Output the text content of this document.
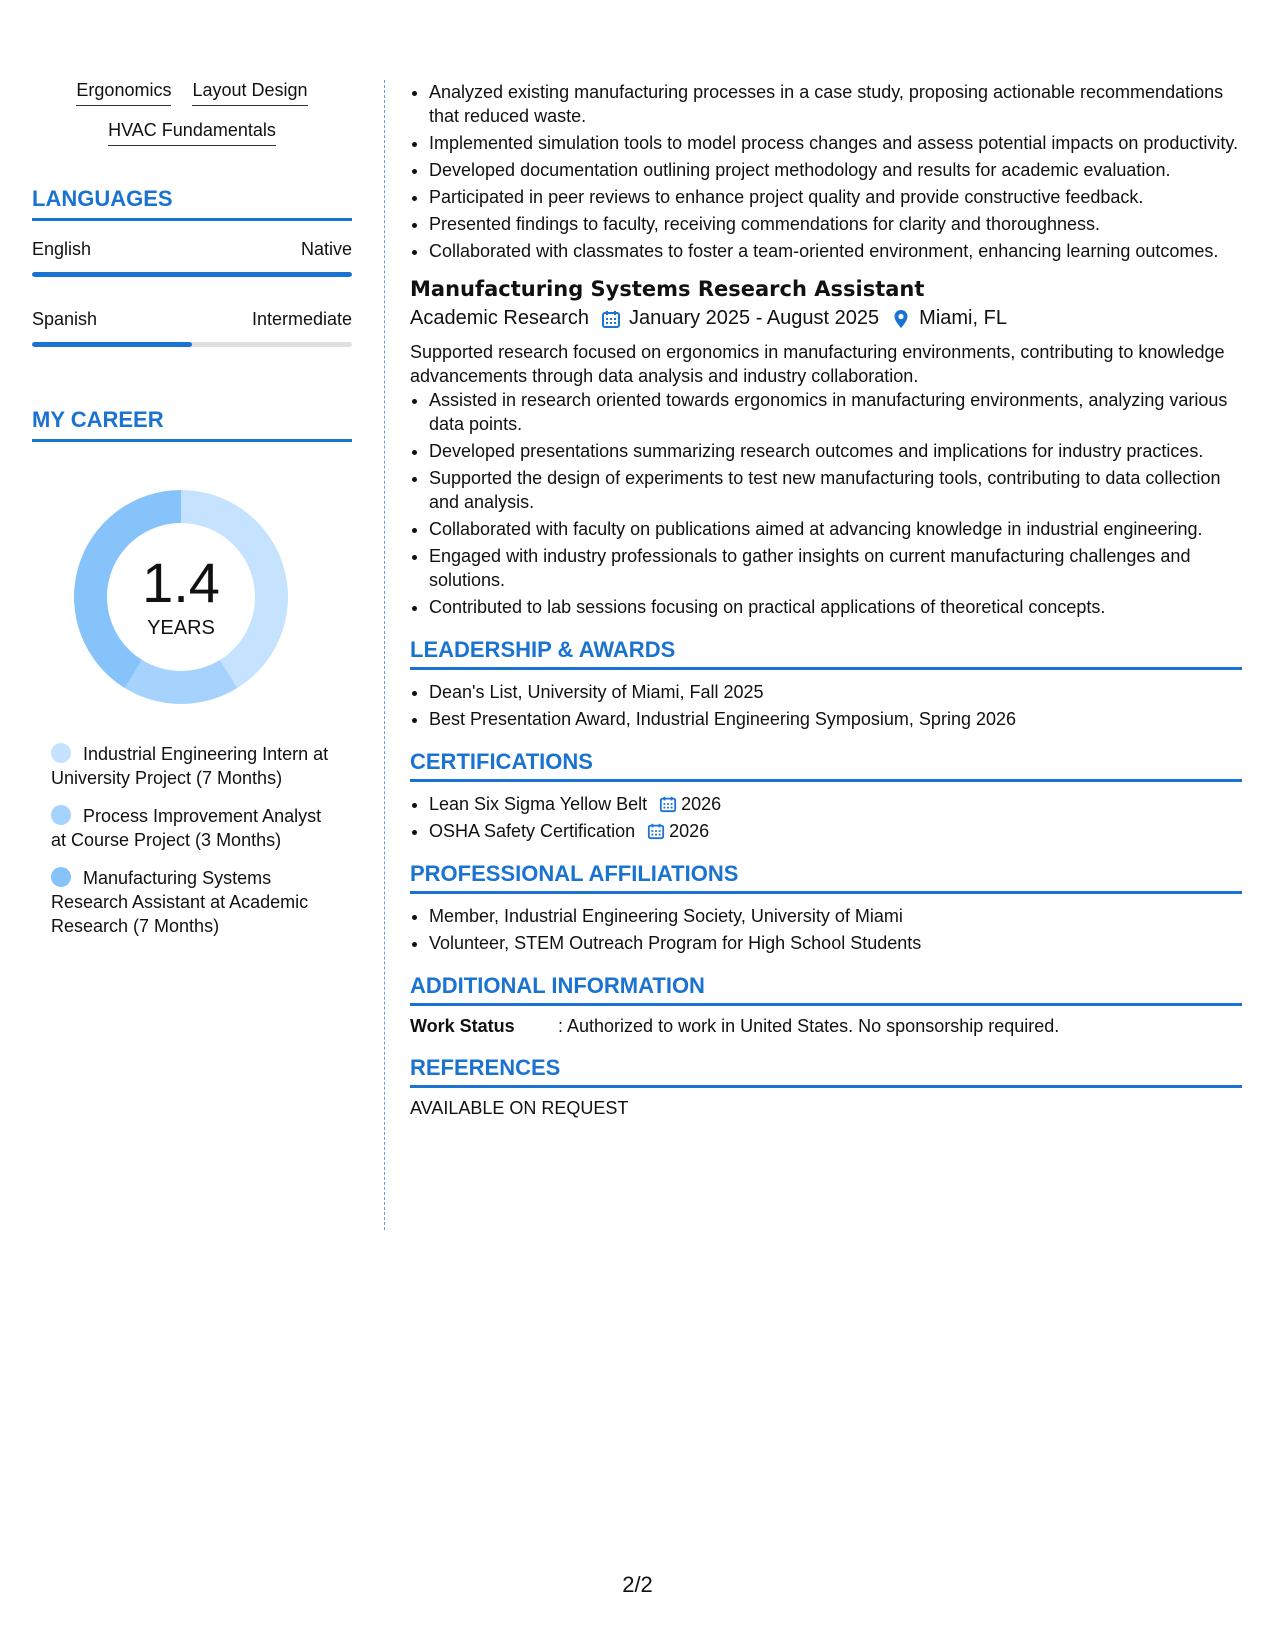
Ergonomics Layout Design
HVAC Fundamentals
LANGUAGES
English	Native
Spanish	Intermediate
MY CAREER
1.4
YEARS
Industrial Engineering Intern at University Project (7 Months)
Process Improvement Analyst at Course Project (3 Months)
Manufacturing Systems Research Assistant at Academic Research (7 Months)
• Analyzed existing manufacturing processes in a case study, proposing actionable recommendations that reduced waste.
• Implemented simulation tools to model process changes and assess potential impacts on productivity.
• Developed documentation outlining project methodology and results for academic evaluation.
• Participated in peer reviews to enhance project quality and provide constructive feedback.
• Presented findings to faculty, receiving commendations for clarity and thoroughness.
• Collaborated with classmates to foster a team-oriented environment, enhancing learning outcomes.
Manufacturing Systems Research Assistant
Academic Research January 2025 - August 2025 Miami, FL
Supported research focused on ergonomics in manufacturing environments, contributing to knowledge advancements through data analysis and industry collaboration.
• Assisted in research oriented towards ergonomics in manufacturing environments, analyzing various data points.
• Developed presentations summarizing research outcomes and implications for industry practices.
• Supported the design of experiments to test new manufacturing tools, contributing to data collection and analysis.
• Collaborated with faculty on publications aimed at advancing knowledge in industrial engineering.
• Engaged with industry professionals to gather insights on current manufacturing challenges and solutions.
• Contributed to lab sessions focusing on practical applications of theoretical concepts.
LEADERSHIP & AWARDS
• Dean's List, University of Miami, Fall 2025
• Best Presentation Award, Industrial Engineering Symposium, Spring 2026
CERTIFICATIONS
• Lean Six Sigma Yellow Belt 2026
• OSHA Safety Certification 2026
PROFESSIONAL AFFILIATIONS
• Member, Industrial Engineering Society, University of Miami
• Volunteer, STEM Outreach Program for High School Students
ADDITIONAL INFORMATION
Work Status	: Authorized to work in United States. No sponsorship required.
REFERENCES
AVAILABLE ON REQUEST
2/2
